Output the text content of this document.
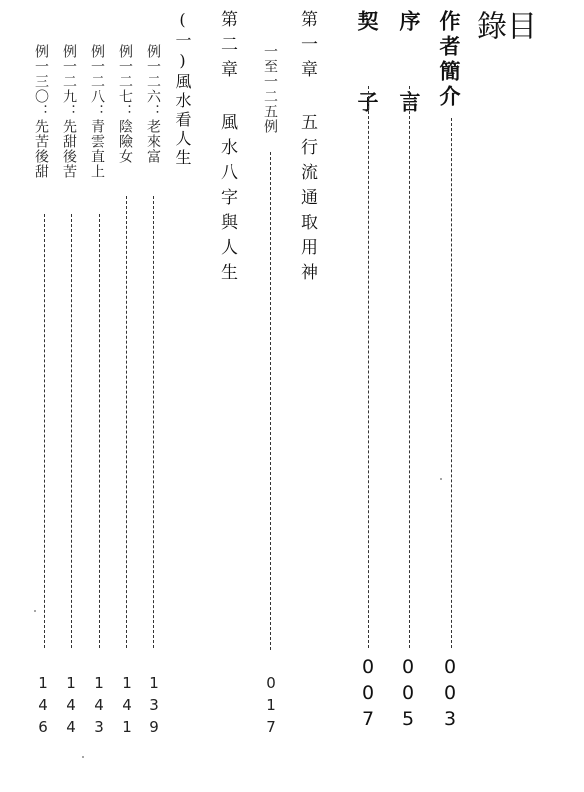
目 錄
作者簡介
003
序 言
005
契 子
007
第一章 五行流通取用神
一至一二五例
017
第二章 風水八字與人生
(一)風水看人生
例一二六：老來富
139
例一二七：陰險女
141
例一二八：青雲直上
143
例一二九：先甜後苦
144
例一三〇：先苦後甜
146
